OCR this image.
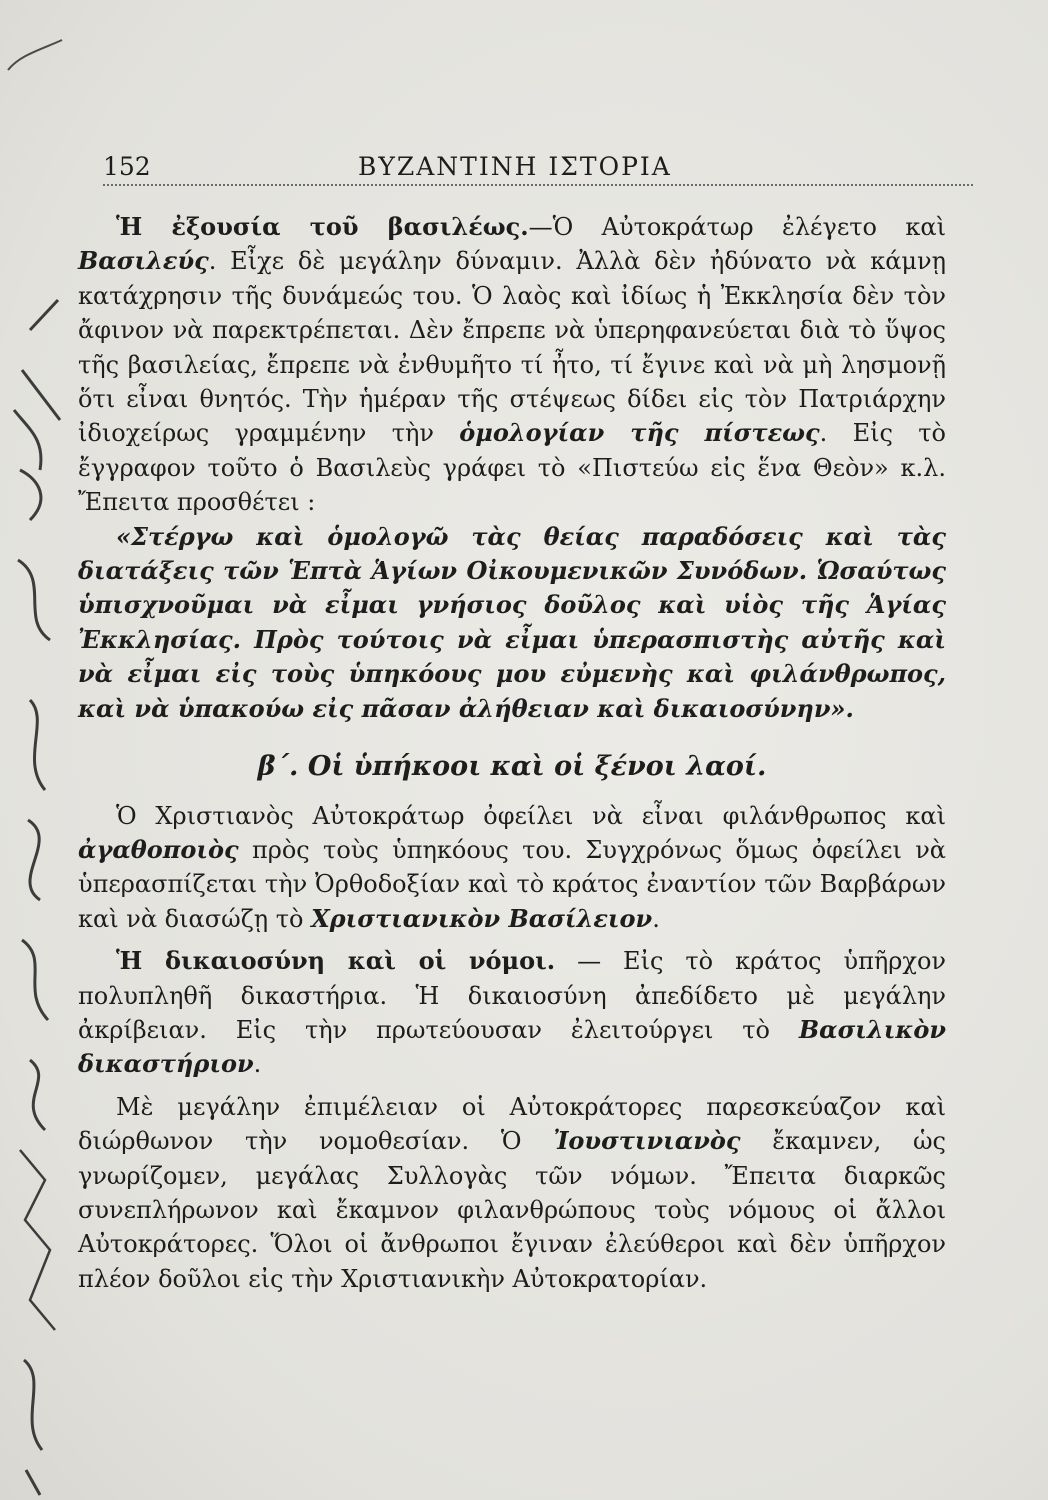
152	ΒΥΖΑΝΤΙΝΗ ΙΣΤΟΡΙΑ

Ἡ ἐξουσία τοῦ βασιλέως.—Ὁ Αὐτοκράτωρ ἐλέγετο καὶ Βασιλεύς. Εἶχε δὲ μεγάλην δύναμιν. Ἀλλὰ δὲν ἠδύνατο νὰ κάμνῃ κατάχρησιν τῆς δυνάμεώς του. Ὁ λαὸς καὶ ἰδίως ἡ Ἐκκλησία δὲν τὸν ἄφινον νὰ παρεκτρέπεται. Δὲν ἔπρεπε νὰ ὑπερηφανεύεται διὰ τὸ ὕψος τῆς βασιλείας, ἔπρεπε νὰ ἐνθυμῆτο τί ἦτο, τί ἔγινε καὶ νὰ μὴ λησμονῇ ὅτι εἶναι θνητός. Τὴν ἡμέραν τῆς στέψεως δίδει εἰς τὸν Πατριάρχην ἰδιοχείρως γραμμένην τὴν ὁμολογίαν τῆς πίστεως. Εἰς τὸ ἔγγραφον τοῦτο ὁ Βασιλεὺς γράφει τὸ «Πιστεύω εἰς ἕνα Θεὸν» κ.λ. Ἔπειτα προσθέτει :

«Στέργω καὶ ὁμολογῶ τὰς θείας παραδόσεις καὶ τὰς διατάξεις τῶν Ἑπτὰ Ἁγίων Οἰκουμενικῶν Συνόδων. Ὡσαύτως ὑπισχνοῦμαι νὰ εἶμαι γνήσιος δοῦλος καὶ υἱὸς τῆς Ἁγίας Ἐκκλησίας. Πρὸς τούτοις νὰ εἶμαι ὑπερασπιστὴς αὐτῆς καὶ νὰ εἶμαι εἰς τοὺς ὑπηκόους μου εὐμενὴς καὶ φιλάνθρωπος, καὶ νὰ ὑπακούω εἰς πᾶσαν ἀλήθειαν καὶ δικαιοσύνην».

β΄. Οἱ ὑπήκοοι καὶ οἱ ξένοι λαοί.

Ὁ Χριστιανὸς Αὐτοκράτωρ ὀφείλει νὰ εἶναι φιλάνθρωπος καὶ ἀγαθοποιὸς πρὸς τοὺς ὑπηκόους του. Συγχρόνως ὅμως ὀφείλει νὰ ὑπερασπίζεται τὴν Ὀρθοδοξίαν καὶ τὸ κράτος ἐναντίον τῶν Βαρβάρων καὶ νὰ διασώζῃ τὸ Χριστιανικὸν Βασίλειον.

Ἡ δικαιοσύνη καὶ οἱ νόμοι. — Εἰς τὸ κράτος ὑπῆρχον πολυπληθῆ δικαστήρια. Ἡ δικαιοσύνη ἀπεδίδετο μὲ μεγάλην ἀκρίβειαν. Εἰς τὴν πρωτεύουσαν ἐλειτούργει τὸ Βασιλικὸν δικαστήριον.

Μὲ μεγάλην ἐπιμέλειαν οἱ Αὐτοκράτορες παρεσκεύαζον καὶ διώρθωνον τὴν νομοθεσίαν. Ὁ Ἰουστινιανὸς ἔκαμνεν, ὡς γνωρίζομεν, μεγάλας Συλλογὰς τῶν νόμων. Ἔπειτα διαρκῶς συνεπλήρωνον καὶ ἔκαμνον φιλανθρώπους τοὺς νόμους οἱ ἄλλοι Αὐτοκράτορες. Ὅλοι οἱ ἄνθρωποι ἔγιναν ἐλεύθεροι καὶ δὲν ὑπῆρχον πλέον δοῦλοι εἰς τὴν Χριστιανικὴν Αὐτοκρατορίαν.
